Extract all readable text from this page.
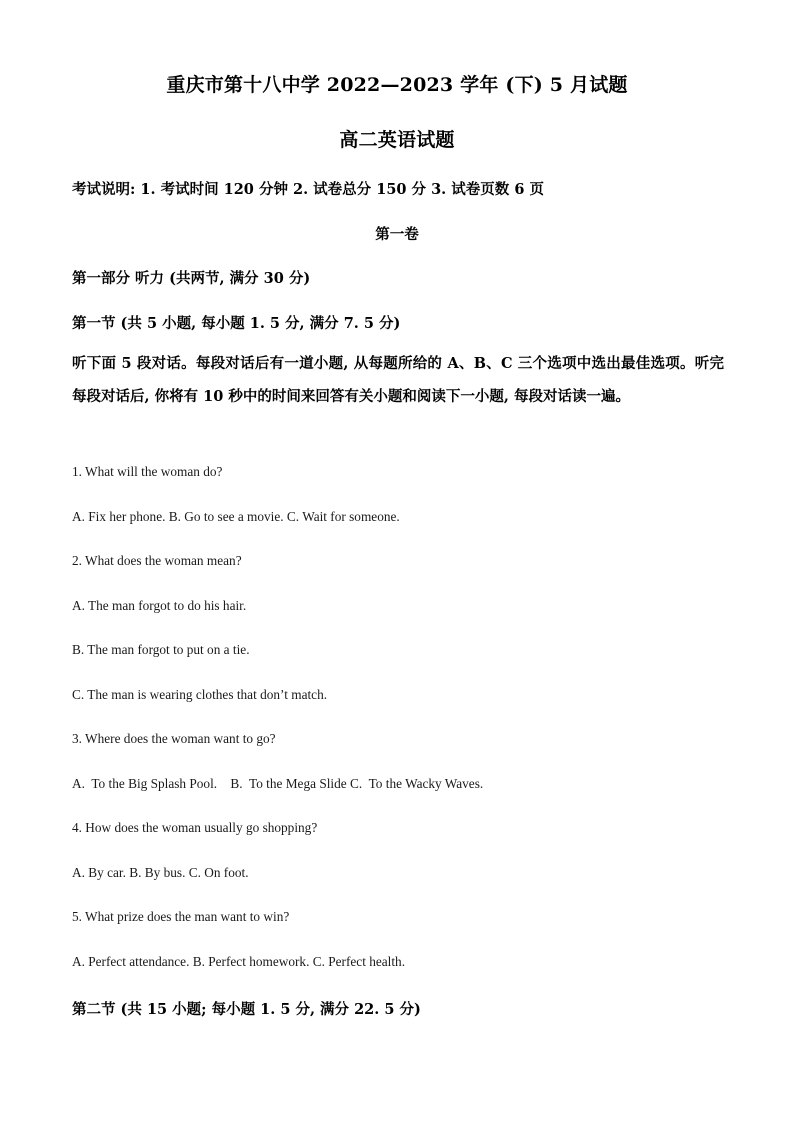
重庆市第十八中学 2022—2023 学年 (下) 5 月试题
高二英语试题
考试说明: 1. 考试时间 120 分钟 2. 试卷总分 150 分 3. 试卷页数 6 页
第一卷
第一部分 听力 (共两节, 满分 30 分)
第一节 (共 5 小题, 每小题 1. 5 分, 满分 7. 5 分)
听下面 5 段对话。每段对话后有一道小题, 从每题所给的 A、B、C 三个选项中选出最佳选项。听完每段对话后, 你将有 10 秒中的时间来回答有关小题和阅读下一小题, 每段对话读一遍。
1. What will the woman do?
A. Fix her phone. B. Go to see a movie. C. Wait for someone.
2. What does the woman mean?
A. The man forgot to do his hair.
B. The man forgot to put on a tie.
C. The man is wearing clothes that don’t match.
3. Where does the woman want to go?
A.  To the Big Splash Pool.    B.  To the Mega Slide C.  To the Wacky Waves.
4. How does the woman usually go shopping?
A. By car. B. By bus. C. On foot.
5. What prize does the man want to win?
A. Perfect attendance. B. Perfect homework. C. Perfect health.
第二节 (共 15 小题; 每小题 1. 5 分, 满分 22. 5 分)
